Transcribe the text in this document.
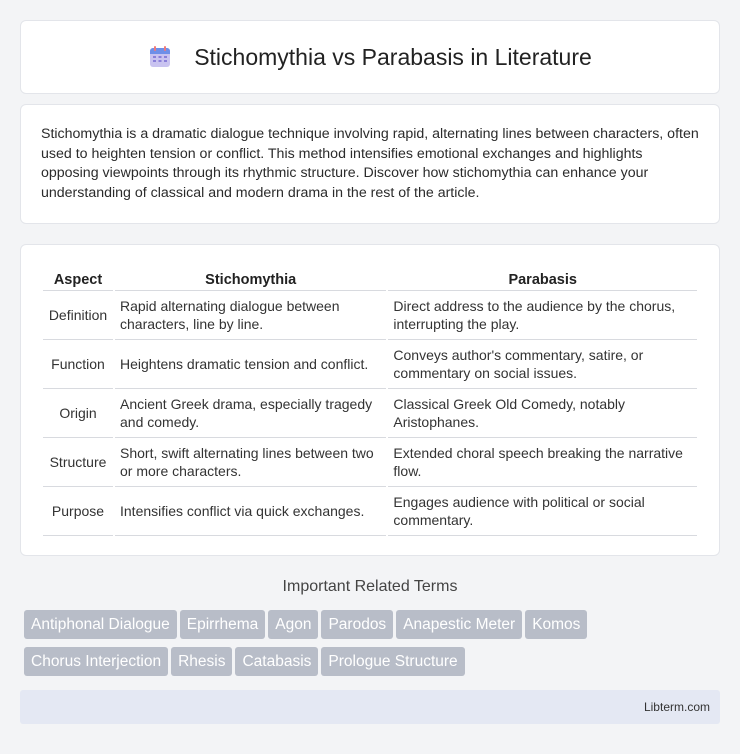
Stichomythia vs Parabasis in Literature

Stichomythia is a dramatic dialogue technique involving rapid, alternating lines between characters, often used to heighten tension or conflict. This method intensifies emotional exchanges and highlights opposing viewpoints through its rhythmic structure. Discover how stichomythia can enhance your understanding of classical and modern drama in the rest of the article.

Aspect	Stichomythia	Parabasis
Definition	Rapid alternating dialogue between characters, line by line.	Direct address to the audience by the chorus, interrupting the play.
Function	Heightens dramatic tension and conflict.	Conveys author's commentary, satire, or commentary on social issues.
Origin	Ancient Greek drama, especially tragedy and comedy.	Classical Greek Old Comedy, notably Aristophanes.
Structure	Short, swift alternating lines between two or more characters.	Extended choral speech breaking the narrative flow.
Purpose	Intensifies conflict via quick exchanges.	Engages audience with political or social commentary.
Important Related Terms
Antiphonal Dialogue Epirrhema Agon Parodos Anapestic Meter Komos
Chorus Interjection Rhesis Catabasis Prologue Structure
Libterm.com
